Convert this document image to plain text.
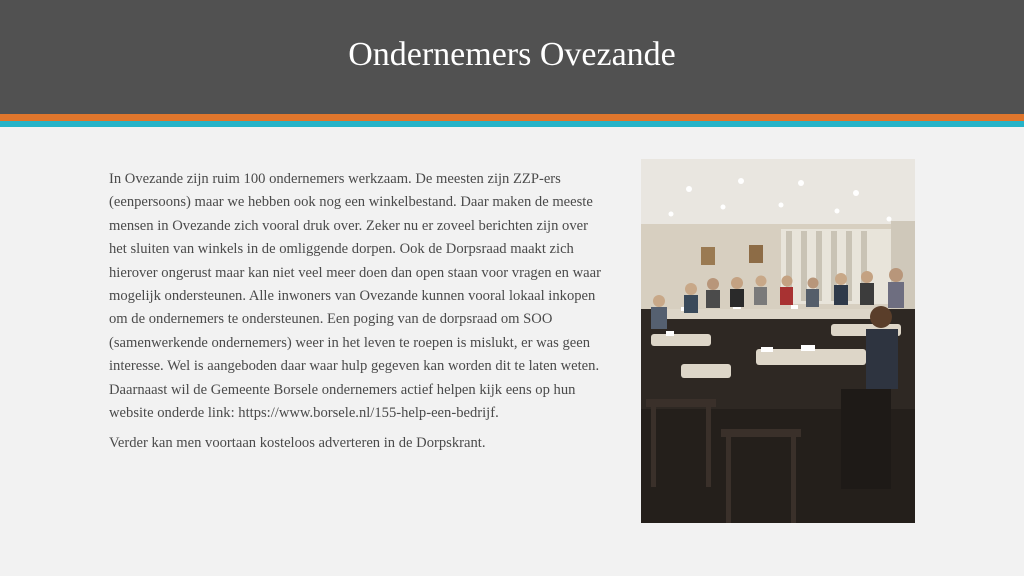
Ondernemers Ovezande

In Ovezande zijn ruim 100 ondernemers werkzaam. De meesten zijn ZZP-ers (eenpersoons) maar we hebben ook nog een winkelbestand. Daar maken de meeste mensen in Ovezande zich vooral druk over. Zeker nu er zoveel berichten zijn over het sluiten van winkels in de omliggende dorpen. Ook de Dorpsraad maakt zich hierover ongerust maar kan niet veel meer doen dan open staan voor vragen en waar mogelijk ondersteunen. Alle inwoners van Ovezande kunnen vooral lokaal inkopen om de ondernemers te ondersteunen. Een poging van de dorpsraad om SOO (samenwerkende ondernemers) weer in het leven te roepen is mislukt, er was geen interesse. Wel is aangeboden daar waar hulp gegeven kan worden dit te laten weten. Daarnaast wil de Gemeente Borsele ondernemers actief helpen kijk eens op hun website onderde link: https://www.borsele.nl/155-help-een-bedrijf.

Verder kan men voortaan kosteloos adverteren in de Dorpskrant.
